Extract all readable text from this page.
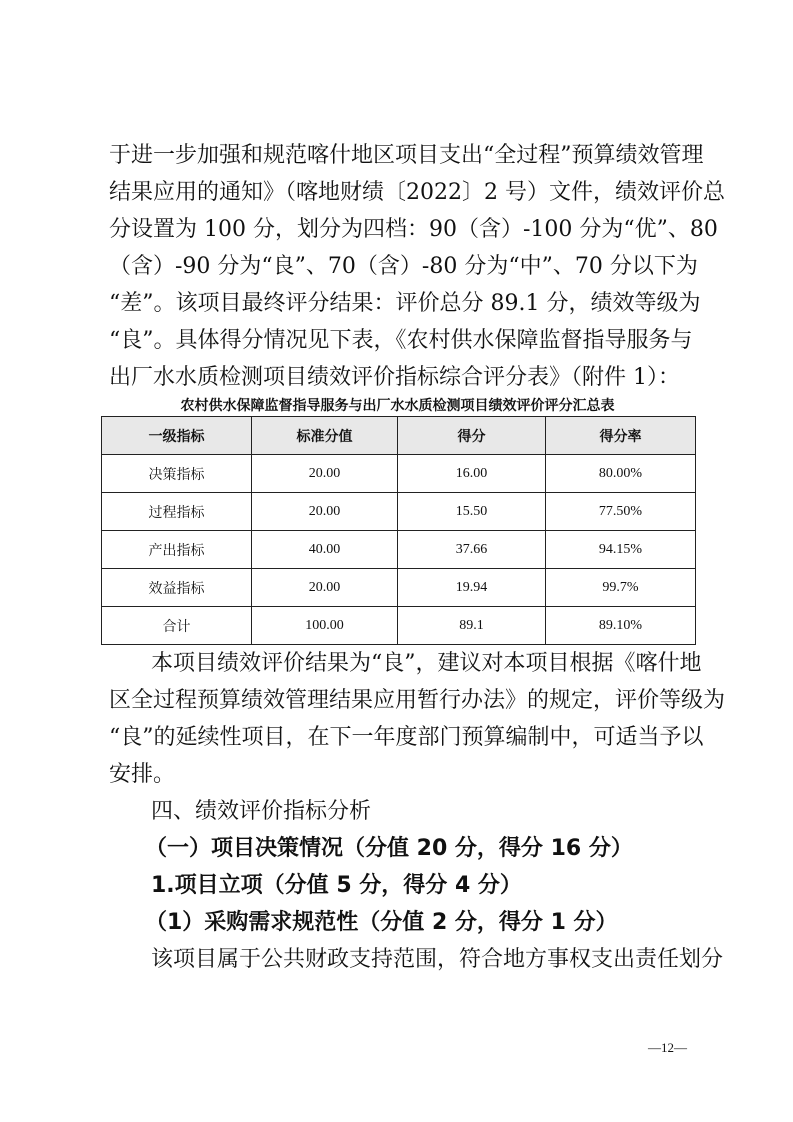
于进一步加强和规范喀什地区项目支出“全过程”预算绩效管理

结果应用的通知》（喀地财绩〔2022〕2 号）文件，绩效评价总

分设置为 100 分，划分为四档：90（含）-100 分为“优”、80

（含）-90 分为“良”、70（含）-80 分为“中”、70 分以下为

“差”。该项目最终评分结果：评价总分 89.1 分，绩效等级为

“良”。具体得分情况见下表，《农村供水保障监督指导服务与

出厂水水质检测项目绩效评价指标综合评分表》（附件 1）：

农村供水保障监督指导服务与出厂水水质检测项目绩效评价评分汇总表

一级指标	标准分值	得分	得分率
决策指标	20.00	16.00	80.00%
过程指标	20.00	15.50	77.50%
产出指标	40.00	37.66	94.15%
效益指标	20.00	19.94	99.7%
合计	100.00	89.1	89.10%

本项目绩效评价结果为“良”，建议对本项目根据《喀什地

区全过程预算绩效管理结果应用暂行办法》的规定，评价等级为

“良”的延续性项目，在下一年度部门预算编制中，可适当予以

安排。

四、绩效评价指标分析

（一）项目决策情况（分值 20 分，得分 16 分）

1.项目立项（分值 5 分，得分 4 分）

（1）采购需求规范性（分值 2 分，得分 1 分）

该项目属于公共财政支持范围，符合地方事权支出责任划分

—12—
